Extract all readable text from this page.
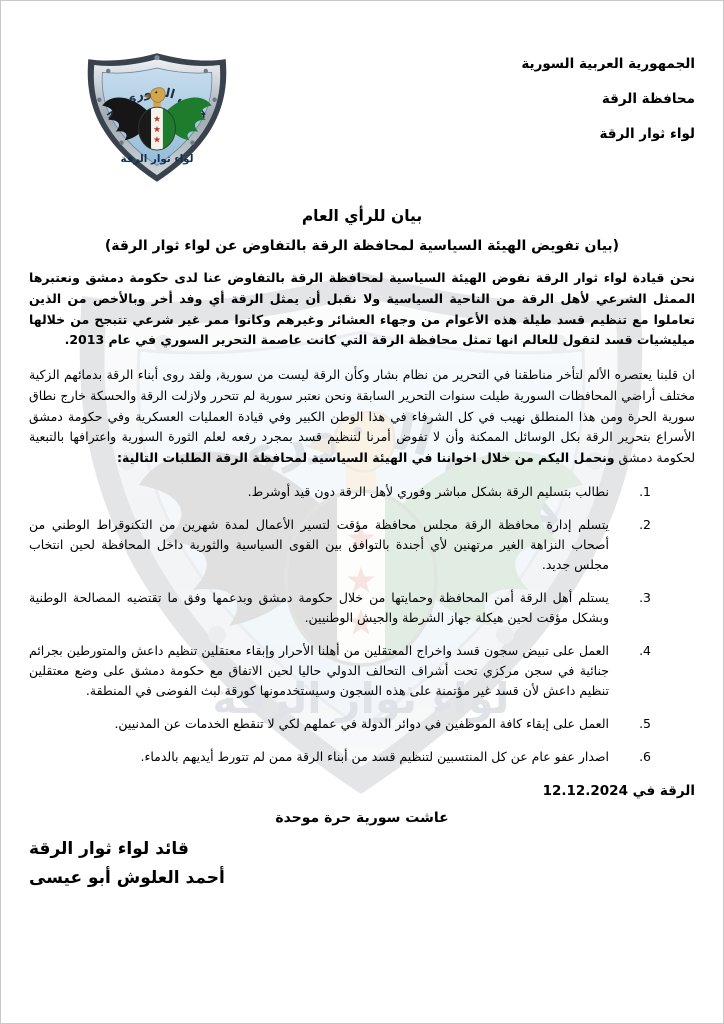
الجمهورية العربية السورية
محافظة الرقة
لواء ثوار الرقة
بيان للرأي العام
(بيان تفويض الهيئة السياسية لمحافظة الرقة بالتفاوض عن لواء ثوار الرقة)

نحن قيادة لواء ثوار الرقة نفوض الهيئة السياسية لمحافظة الرقة بالتفاوض عنا لدى حكومة دمشق ونعتبرها الممثل الشرعي لأهل الرقة من الناحية السياسية ولا نقبل أن يمثل الرقة أي وفد أخر وبالأخص من الذين تعاملوا مع تنظيم قسد طيلة هذه الأعوام من وجهاء العشائر وغيرهم وكانوا ممر غير شرعي تتبجح من خلالها ميليشيات قسد لتقول للعالم انها تمثل محافظة الرقة التي كانت عاصمة التحرير السوري في عام 2013.

ان قلبنا يعتصره الألم لتأخر مناطقنا في التحرير من نظام بشار وكأن الرقة ليست من سورية, ولقد روى أبناء الرقة بدمائهم الزكية مختلف أراضي المحافظات السورية طيلت سنوات التحرير السابقة ونحن نعتبر سورية لم تتحرر ولازلت الرقة والحسكة خارج نطاق سورية الحرة ومن هذا المنطلق نهيب في كل الشرفاء في هذا الوطن الكبير وفي قيادة العمليات العسكرية وفي حكومة دمشق الأسراع بتحرير الرقة بكل الوسائل الممكنة وأن لا تفوض أمرنا لتنظيم قسد بمجرد رفعه لعلم الثورة السورية واعترافها بالتبعية لحكومة دمشق ونحمل اليكم من خلال اخواننا في الهيئة السياسية لمحافظة الرقة الطلبات التالية:

1.
نطالب بتسليم الرقة بشكل مباشر وفوري لأهل الرقة دون قيد أوشرط.
2.
يتسلم إدارة محافظة الرقة مجلس محافظة مؤقت لتسير الأعمال لمدة شهرين من التكنوقراط الوطني من أصحاب النزاهة الغير مرتهنين لأي أجندة بالتوافق بين القوى السياسية والثورية داخل المحافظة لحين انتخاب مجلس جديد.
3.
يستلم أهل الرقة أمن المحافظة وحمايتها من خلال حكومة دمشق وبدعمها وفق ما تقتضيه المصالحة الوطنية وبشكل مؤقت لحين هيكلة جهاز الشرطة والجيش الوطنيين.
4.
العمل على تبيض سجون قسد واخراج المعتقلين من أهلنا الأحرار وإبقاء معتقلين تنظيم داعش والمتورطين بجرائم جنائية في سجن مركزي تحت أشراف التحالف الدولي حاليا لحين الاتفاق مع حكومة دمشق على وضع معتقلين تنظيم داعش لأن قسد غير مؤتمنة على هذه السجون وسيستخدمونها كورقة لبث الفوضى في المنطقة.
5.
العمل على إبقاء كافة الموظفين في دوائر الدولة في عملهم لكي لا تنقطع الخدمات عن المدنيين.
6.
اصدار عفو عام عن كل المنتسبين لتنظيم قسد من أبناء الرقة ممن لم تتورط أيديهم بالدماء.
الرقة في 12.12.2024
عاشت سورية حرة موحدة
قائد لواء ثوار الرقة
أحمد العلوش أبو عيسى
